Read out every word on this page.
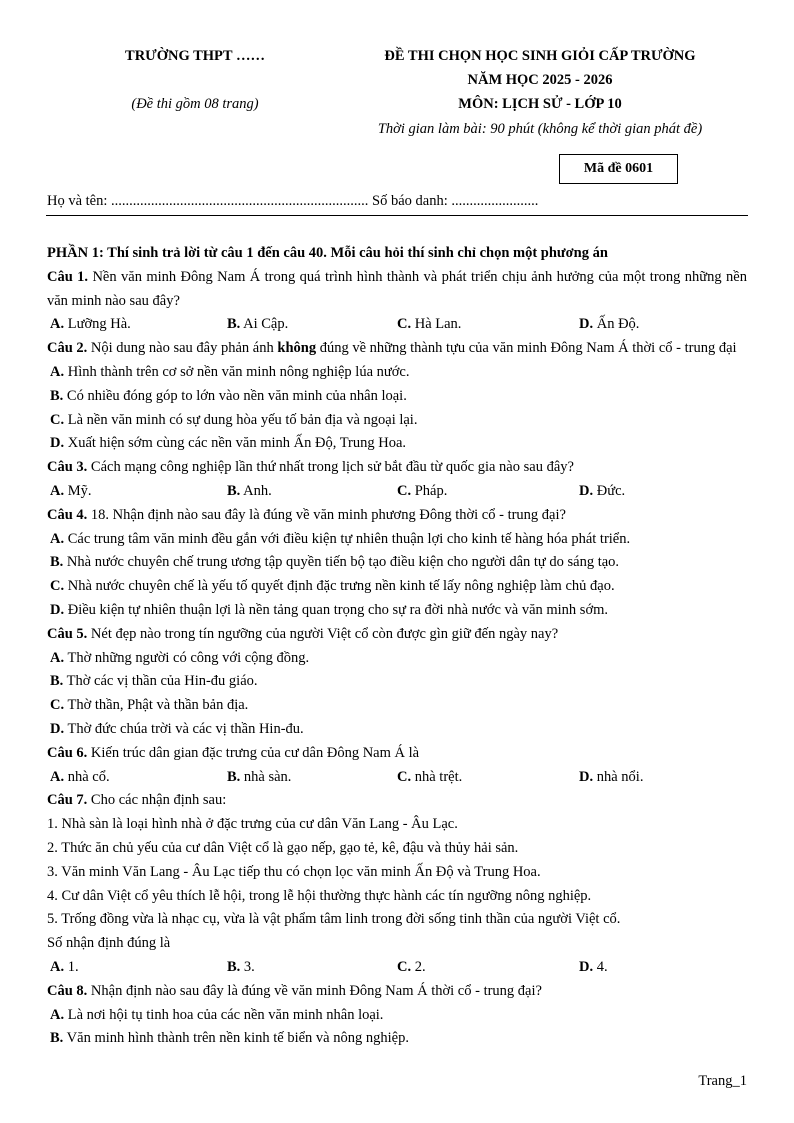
TRƯỜNG THPT ……
(Đề thi gồm 08 trang)
ĐỀ THI CHỌN HỌC SINH GIỎI CẤP TRƯỜNG
NĂM HỌC 2025 - 2026
MÔN: LỊCH SỬ - LỚP 10
Thời gian làm bài: 90 phút (không kể thời gian phát đề)
Mã đề 0601
Họ và tên: ....................................................................... Số báo danh: ........................
PHẦN 1: Thí sinh trả lời từ câu 1 đến câu 40. Mỗi câu hỏi thí sinh chỉ chọn một phương án
Câu 1. Nền văn minh Đông Nam Á trong quá trình hình thành và phát triển chịu ảnh hưởng của một trong những nền văn minh nào sau đây?
A. Lưỡng Hà.	B. Ai Cập.	C. Hà Lan.	D. Ấn Độ.
Câu 2. Nội dung nào sau đây phản ánh không đúng về những thành tựu của văn minh Đông Nam Á thời cổ - trung đại
A. Hình thành trên cơ sở nền văn minh nông nghiệp lúa nước.
B. Có nhiều đóng góp to lớn vào nền văn minh của nhân loại.
C. Là nền văn minh có sự dung hòa yếu tố bản địa và ngoại lại.
D. Xuất hiện sớm cùng các nền văn minh Ấn Độ, Trung Hoa.
Câu 3. Cách mạng công nghiệp lần thứ nhất trong lịch sử bắt đầu từ quốc gia nào sau đây?
A. Mỹ.	B. Anh.	C. Pháp.	D. Đức.
Câu 4. 18. Nhận định nào sau đây là đúng về văn minh phương Đông thời cổ - trung đại?
A. Các trung tâm văn minh đều gắn với điều kiện tự nhiên thuận lợi cho kinh tế hàng hóa phát triển.
B. Nhà nước chuyên chế trung ương tập quyền tiến bộ tạo điều kiện cho người dân tự do sáng tạo.
C. Nhà nước chuyên chế là yếu tố quyết định đặc trưng nền kinh tế lấy nông nghiệp làm chủ đạo.
D. Điều kiện tự nhiên thuận lợi là nền tảng quan trọng cho sự ra đời nhà nước và văn minh sớm.
Câu 5. Nét đẹp nào trong tín ngưỡng của người Việt cổ còn được gìn giữ đến ngày nay?
A. Thờ những người có công với cộng đồng.
B. Thờ các vị thần của Hin-đu giáo.
C. Thờ thần, Phật và thần bản địa.
D. Thờ đức chúa trời và các vị thần Hin-đu.
Câu 6. Kiến trúc dân gian đặc trưng của cư dân Đông Nam Á là
A. nhà cổ.	B. nhà sàn.	C. nhà trệt.	D. nhà nổi.
Câu 7. Cho các nhận định sau:
1. Nhà sàn là loại hình nhà ở đặc trưng của cư dân Văn Lang - Âu Lạc.
2. Thức ăn chủ yếu của cư dân Việt cổ là gạo nếp, gạo tẻ, kê, đậu và thủy hải sản.
3. Văn minh Văn Lang - Âu Lạc tiếp thu có chọn lọc văn minh Ấn Độ và Trung Hoa.
4. Cư dân Việt cổ yêu thích lễ hội, trong lễ hội thường thực hành các tín ngưỡng nông nghiệp.
5. Trống đồng vừa là nhạc cụ, vừa là vật phẩm tâm linh trong đời sống tinh thần của người Việt cổ.
Số nhận định đúng là
A. 1.	B. 3.	C. 2.	D. 4.
Câu 8. Nhận định nào sau đây là đúng về văn minh Đông Nam Á thời cổ - trung đại?
A. Là nơi hội tụ tinh hoa của các nền văn minh nhân loại.
B. Văn minh hình thành trên nền kinh tế biển và nông nghiệp.
Trang_1
